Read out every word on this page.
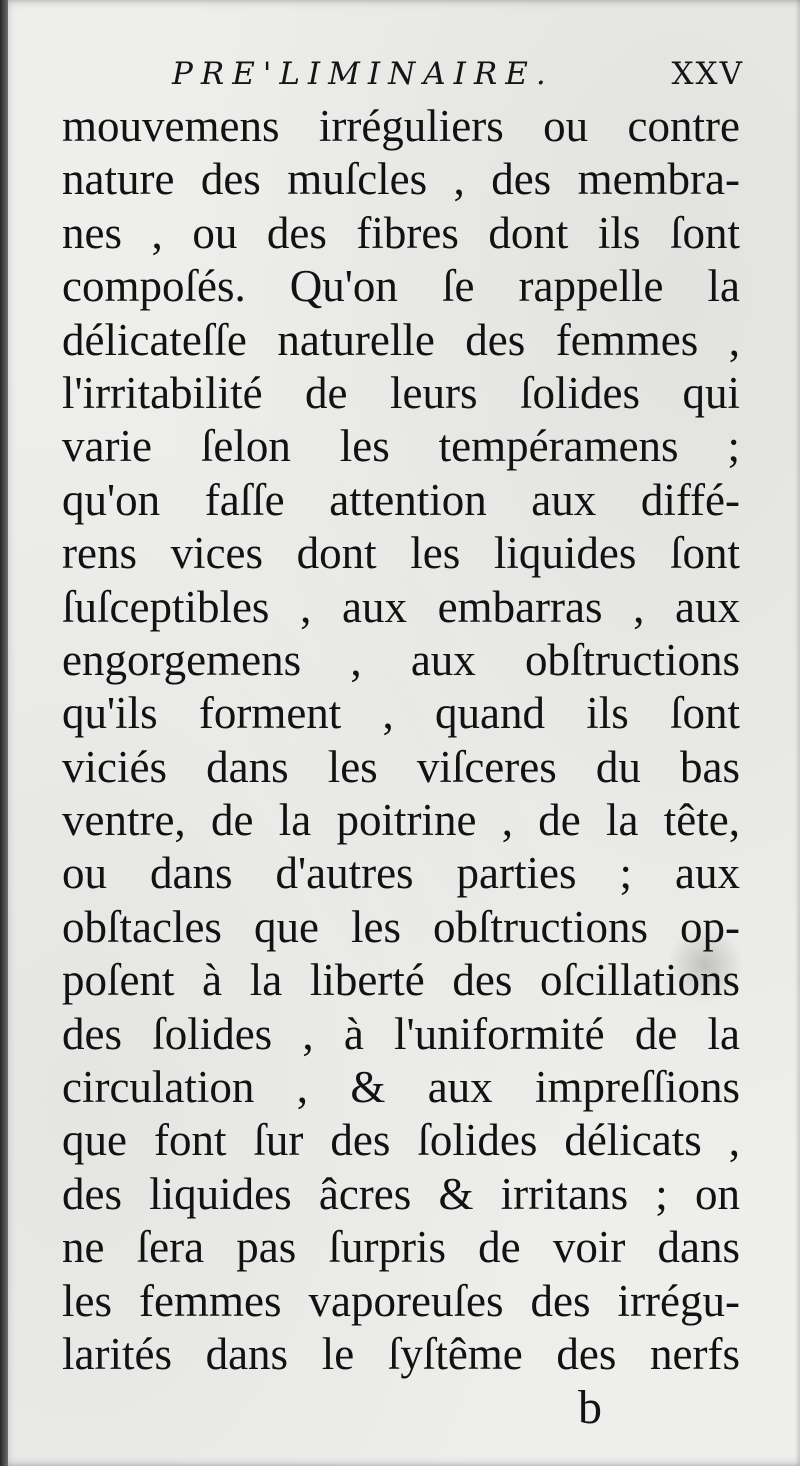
PRE'LIMINAIRE.	XXV
mouvemens irréguliers ou contre
nature des muſcles , des membra-
nes , ou des fibres dont ils ſont
compoſés. Qu'on ſe rappelle la
délicateſſe naturelle des femmes ,
l'irritabilité de leurs ſolides qui
varie ſelon les tempéramens ;
qu'on faſſe attention aux diffé-
rens vices dont les liquides ſont
ſuſceptibles , aux embarras , aux
engorgemens , aux obſtructions
qu'ils forment , quand ils ſont
viciés dans les viſceres du bas
ventre, de la poitrine , de la tête,
ou dans d'autres parties ; aux
obſtacles que les obſtructions op-
poſent à la liberté des oſcillations
des ſolides , à l'uniformité de la
circulation , & aux impreſſions
que font ſur des ſolides délicats ,
des liquides âcres & irritans ; on
ne ſera pas ſurpris de voir dans
les femmes vaporeuſes des irrégu-
larités dans le ſyſtême des nerfs
b
